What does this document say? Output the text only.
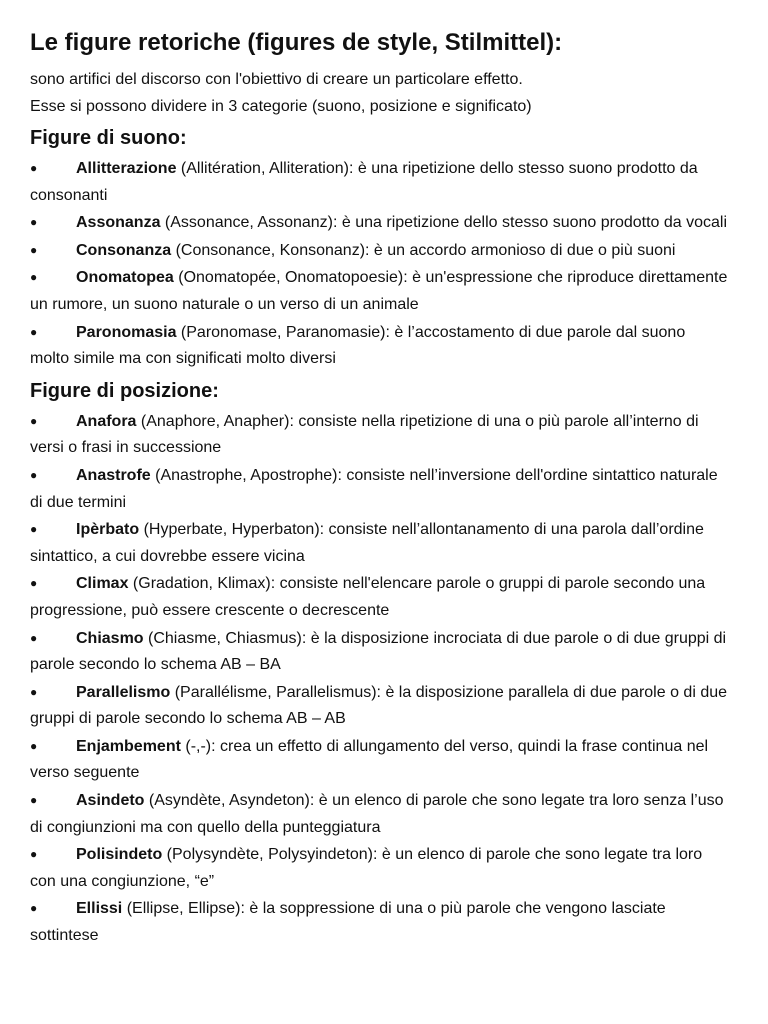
Le figure retoriche (figures de style, Stilmittel):

sono artifici del discorso con l'obiettivo di creare un particolare effetto.

Esse si possono dividere in 3 categorie (suono, posizione e significato)

Figure di suono:
● Allitterazione (Allitération, Alliteration): è una ripetizione dello stesso suono prodotto da consonanti
● Assonanza (Assonance, Assonanz): è una ripetizione dello stesso suono prodotto da vocali
● Consonanza (Consonance, Konsonanz): è un accordo armonioso di due o più suoni
● Onomatopea (Onomatopée, Onomatopoesie): è un'espressione che riproduce direttamente un rumore, un suono naturale o un verso di un animale
● Paronomasia (Paronomase, Paranomasie): è l’accostamento di due parole dal suono molto simile ma con significati molto diversi
Figure di posizione:
● Anafora (Anaphore, Anapher): consiste nella ripetizione di una o più parole all’interno di versi o frasi in successione
● Anastrofe (Anastrophe, Apostrophe): consiste nell’inversione dell'ordine sintattico naturale di due termini
● Ipèrbato (Hyperbate, Hyperbaton): consiste nell’allontanamento di una parola dall’ordine sintattico, a cui dovrebbe essere vicina
● Climax (Gradation, Klimax): consiste nell'elencare parole o gruppi di parole secondo una progressione, può essere crescente o decrescente
● Chiasmo (Chiasme, Chiasmus): è la disposizione incrociata di due parole o di due gruppi di parole secondo lo schema AB – BA
● Parallelismo (Parallélisme, Parallelismus): è la disposizione parallela di due parole o di due gruppi di parole secondo lo schema AB – AB
● Enjambement (-,-): crea un effetto di allungamento del verso, quindi la frase continua nel verso seguente
● Asindeto (Asyndète, Asyndeton): è un elenco di parole che sono legate tra loro senza l’uso di congiunzioni ma con quello della punteggiatura
● Polisindeto (Polysyndète, Polysyindeton): è un elenco di parole che sono legate tra loro con una congiunzione, “e”
● Ellissi (Ellipse, Ellipse): è la soppressione di una o più parole che vengono lasciate sottintese
